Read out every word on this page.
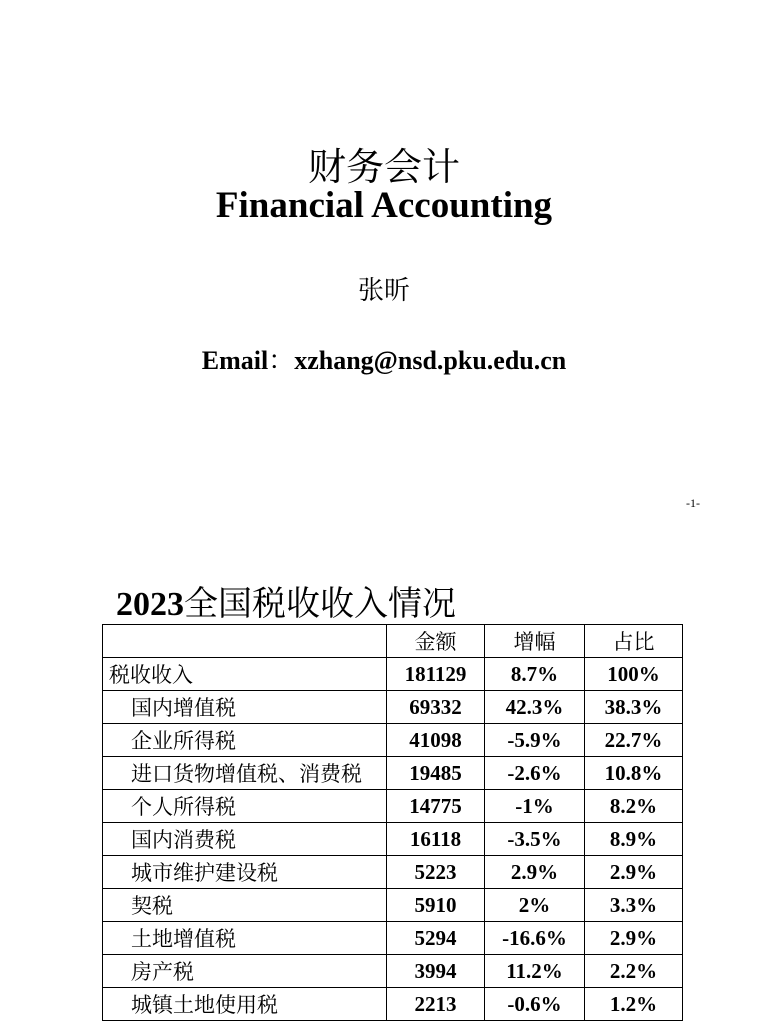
财务会计
Financial Accounting
张昕
Email：xzhang@nsd.pku.edu.cn
-1-
2023全国税收收入情况
	金额	增幅	占比
税收收入	181129	8.7%	100%
国内增值税	69332	42.3%	38.3%
企业所得税	41098	-5.9%	22.7%
进口货物增值税、消费税	19485	-2.6%	10.8%
个人所得税	14775	-1%	8.2%
国内消费税	16118	-3.5%	8.9%
城市维护建设税	5223	2.9%	2.9%
契税	5910	2%	3.3%
土地增值税	5294	-16.6%	2.9%
房产税	3994	11.2%	2.2%
城镇土地使用税	2213	-0.6%	1.2%
